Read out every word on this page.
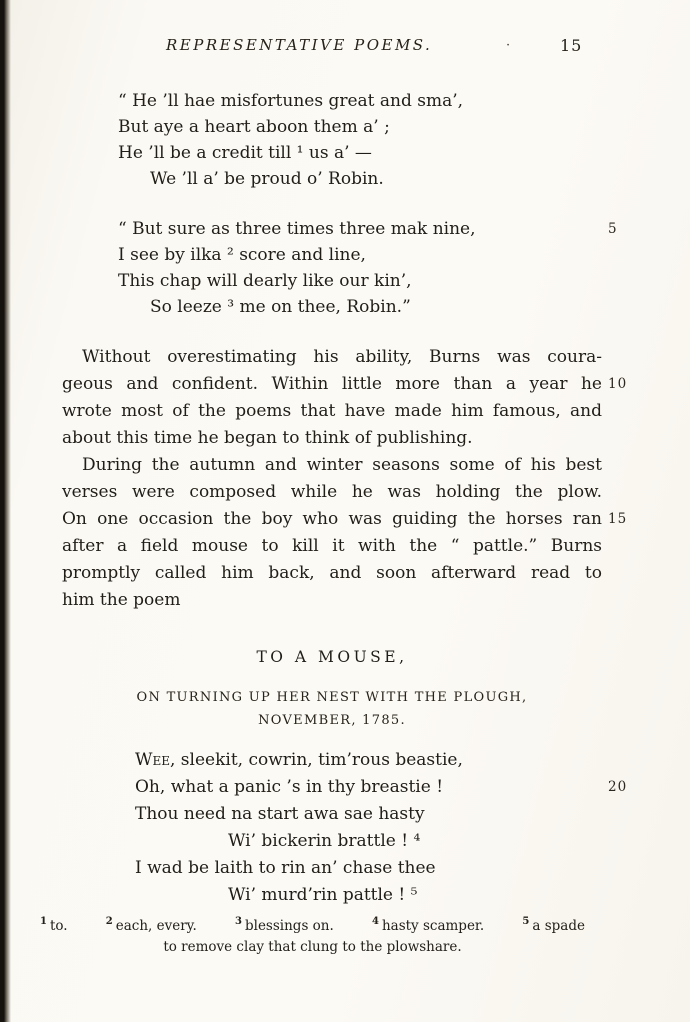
REPRESENTATIVE POEMS.	·	15
“ He ’ll hae misfortunes great and sma’,
But aye a heart aboon them a’ ;
He ’ll be a credit till ¹ us a’ —
We ’ll a’ be proud o’ Robin.
“ But sure as three times three mak nine,	5
I see by ilka ² score and line,
This chap will dearly like our kin’,
So leeze ³ me on thee, Robin.”
Without overestimating his ability, Burns was coura-
geous and confident. Within little more than a year he 10
wrote most of the poems that have made him famous, and
about this time he began to think of publishing.
During the autumn and winter seasons some of his best
verses were composed while he was holding the plow.
On one occasion the boy who was guiding the horses ran 15
after a field mouse to kill it with the “ pattle.” Burns
promptly called him back, and soon afterward read to
him the poem
TO A MOUSE,
ON TURNING UP HER NEST WITH THE PLOUGH,
NOVEMBER, 1785.
Wee, sleekit, cowrin, tim’rous beastie,
Oh, what a panic ’s in thy breastie !	20
Thou need na start awa sae hasty
Wi’ bickerin brattle ! ⁴
I wad be laith to rin an’ chase thee
Wi’ murd’rin pattle ! ⁵
$^1$ to.	$^2$ each, every.	$^3$ blessings on.	$^4$ hasty scamper.	$^5$ a spade
to remove clay that clung to the plowshare.
